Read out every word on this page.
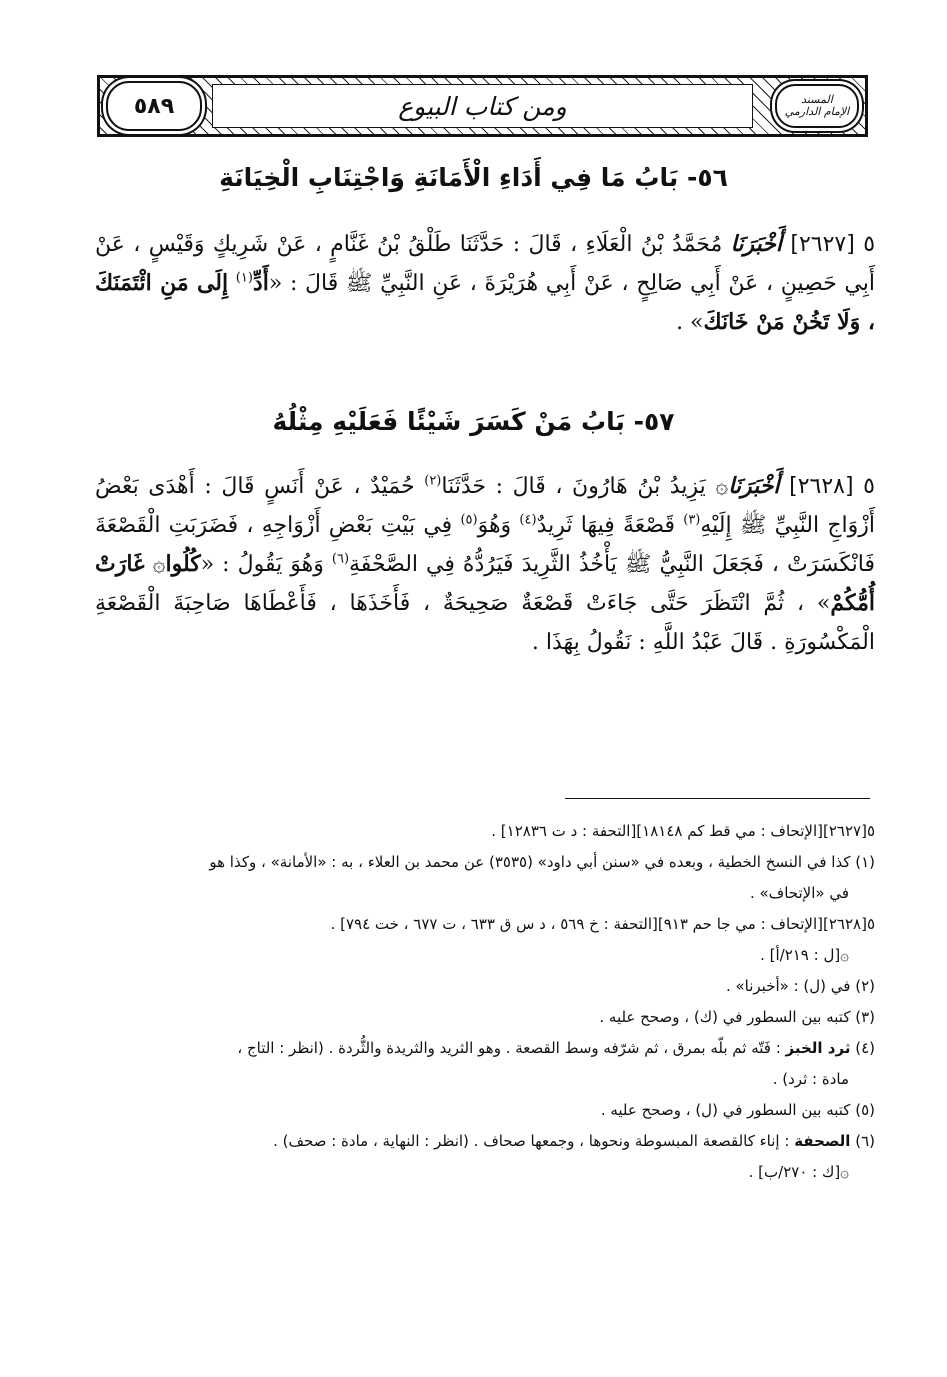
ومن كتاب البيوع	المسند
الإمام الدارمي
٥٨٩
٥٦- بَابُ مَا فِي أَدَاءِ الْأَمَانَةِ وَاجْتِنَابِ الْخِيَانَةِ
٥ [٢٦٢٧] أَخْبَرَنَا مُحَمَّدُ بْنُ الْعَلَاءِ ، قَالَ : حَدَّثَنَا طَلْقُ بْنُ غَنَّامٍ ، عَنْ شَرِيكٍ وَقَيْسٍ ، عَنْ أَبِي حَصِينٍ ، عَنْ أَبِي صَالِحٍ ، عَنْ أَبِي هُرَيْرَةَ ، عَنِ النَّبِيِّ ﷺ قَالَ : «أَدِّ$^{(١)}$ إِلَى مَنِ ائْتَمَنَكَ ، وَلَا تَخُنْ مَنْ خَانَكَ» .
٥٧- بَابُ مَنْ كَسَرَ شَيْئًا فَعَلَيْهِ مِثْلُهُ
٥ [٢٦٢٨] أَخْبَرَنَا۞ يَزِيدُ بْنُ هَارُونَ ، قَالَ : حَدَّثَنَا$^{(٢)}$ حُمَيْدٌ ، عَنْ أَنَسٍ قَالَ : أَهْدَى بَعْضُ أَزْوَاجِ النَّبِيِّ ﷺ إِلَيْهِ$^{(٣)}$ قَصْعَةً فِيهَا ثَرِيدٌ$^{(٤)}$ وَهُوَ$^{(٥)}$ فِي بَيْتِ بَعْضِ أَزْوَاجِهِ ، فَضَرَبَتِ الْقَصْعَةَ فَانْكَسَرَتْ ، فَجَعَلَ النَّبِيُّ ﷺ يَأْخُذُ الثَّرِيدَ فَيَرُدُّهُ فِي الصَّحْفَةِ$^{(٦)}$ وَهُوَ يَقُولُ : «كُلُوا۞ غَارَتْ أُمُّكُمْ» ، ثُمَّ انْتَظَرَ حَتَّى جَاءَتْ قَصْعَةٌ صَحِيحَةٌ ، فَأَخَذَهَا ، فَأَعْطَاهَا صَاحِبَةَ الْقَصْعَةِ الْمَكْسُورَةِ . قَالَ عَبْدُ اللَّهِ : نَقُولُ بِهَذَا .
٥[٢٦٢٧][الإتحاف : مي قط كم ١٨١٤٨][التحفة : د ت ١٢٨٣٦] .
(١) كذا في النسخ الخطية ، وبعده في «سنن أبي داود» (٣٥٣٥) عن محمد بن العلاء ، به : «الأمانة» ، وكذا هو
في «الإتحاف» .
٥[٢٦٢٨][الإتحاف : مي جا حم ٩١٣][التحفة : خ ٥٦٩ ، د س ق ٦٣٣ ، ت ٦٧٧ ، خت ٧٩٤] .
۞[ل : ٢١٩/أ] .
(٢) في (ل) : «أخبرنا» .
(٣) كتبه بين السطور في (ك) ، وصحح عليه .
(٤) ثرد الخبز : فَتّه ثم بلّه بمرق ، ثم شرّفه وسط القصعة . وهو الثريد والثريدة والثُّردة . (انظر : التاج ،
مادة : ثرد) .
(٥) كتبه بين السطور في (ل) ، وصحح عليه .
(٦) الصحفة : إناء كالقصعة المبسوطة ونحوها ، وجمعها صحاف . (انظر : النهاية ، مادة : صحف) .
۞[ك : ٢٧٠/ب] .
